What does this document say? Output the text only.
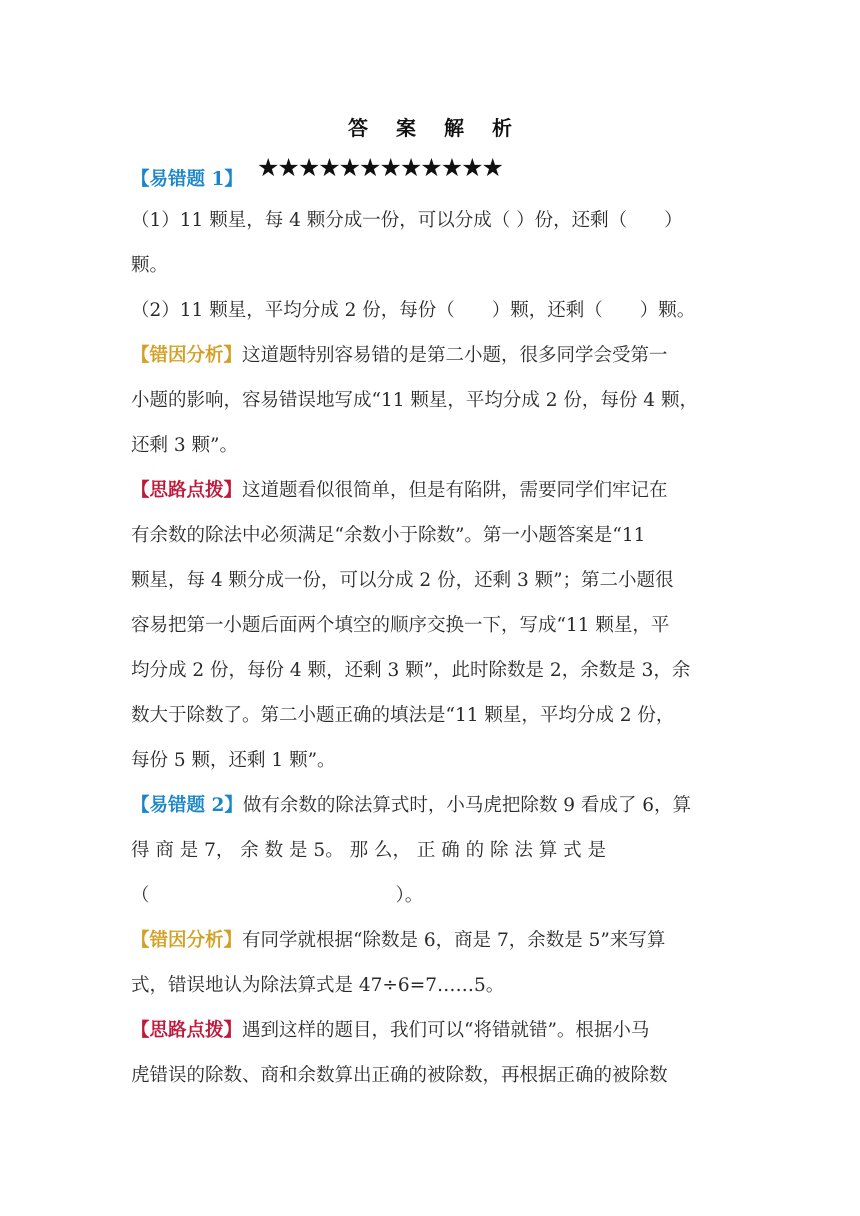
答 案 解 析
【易错题 1】 ★★★★★★★★★★★★
（1）11 颗星，每 4 颗分成一份，可以分成（ ）份，还剩（　　）
颗。
（2）11 颗星，平均分成 2 份，每份（　　）颗，还剩（　　）颗。
【错因分析】这道题特别容易错的是第二小题，很多同学会受第一
小题的影响，容易错误地写成“11 颗星，平均分成 2 份，每份 4 颗，
还剩 3 颗”。
【思路点拨】这道题看似很简单，但是有陷阱，需要同学们牢记在
有余数的除法中必须满足“余数小于除数”。第一小题答案是“11
颗星，每 4 颗分成一份，可以分成 2 份，还剩 3 颗”；第二小题很
容易把第一小题后面两个填空的顺序交换一下，写成“11 颗星，平
均分成 2 份，每份 4 颗，还剩 3 颗”，此时除数是 2，余数是 3，余
数大于除数了。第二小题正确的填法是“11 颗星，平均分成 2 份，
每份 5 颗，还剩 1 颗”。
【易错题 2】做有余数的除法算式时，小马虎把除数 9 看成了 6，算
得 商 是 7， 余 数 是 5。 那 么， 正 确 的 除 法 算 式 是
（	）。
【错因分析】有同学就根据“除数是 6，商是 7，余数是 5”来写算
式，错误地认为除法算式是 47÷6=7……5。
【思路点拨】遇到这样的题目，我们可以“将错就错”。根据小马
虎错误的除数、商和余数算出正确的被除数，再根据正确的被除数
